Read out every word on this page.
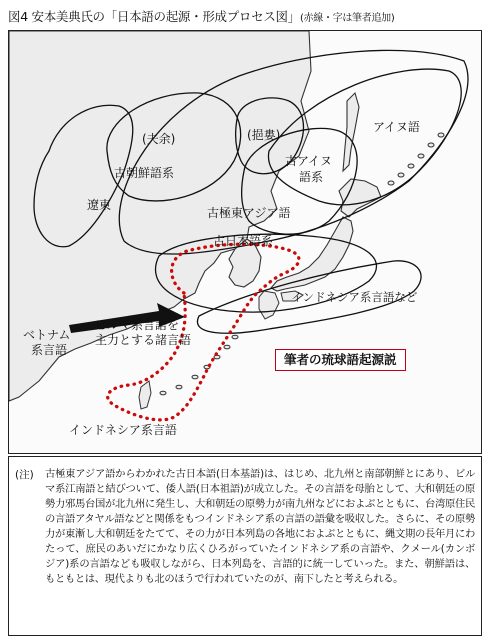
図4 安本美典氏の「日本語の起源・形成プロセス図」(赤線・字は筆者追加)
(夫余)
古朝鮮語系
遼東
(挹婁)
古アイヌ
語系
アイヌ語
古極東アジア語
古日本語系
インドネシア系言語など
ビルマ系言語を
主力とする諸言語
ベトナム
系言語
インドネシア系言語
筆者の琉球語起源説
(注) 古極東アジア語からわかれた古日本語(日本基語)は、はじめ、北九州と南部朝鮮とにあり、ビルマ系江南語と結びついて、倭人語(日本祖語)が成立した。その言語を母胎として、大和朝廷の原勢力邪馬台国が北九州に発生し、大和朝廷の原勢力が南九州などにおよぶとともに、台湾原住民の言語アタヤル語などと関係をもつインドネシア系の言語の語彙を吸収した。さらに、その原勢力が東漸し大和朝廷をたてて、その力が日本列島の各地におよぶとともに、縄文期の長年月にわたって、庶民のあいだにかなり広くひろがっていたインドネシア系の言語や、クメール(カンボジア)系の言語なども吸収しながら、日本列島を、言語的に統一していった。また、朝鮮語は、もともとは、現代よりも北のほうで行われていたのが、南下したと考えられる。
